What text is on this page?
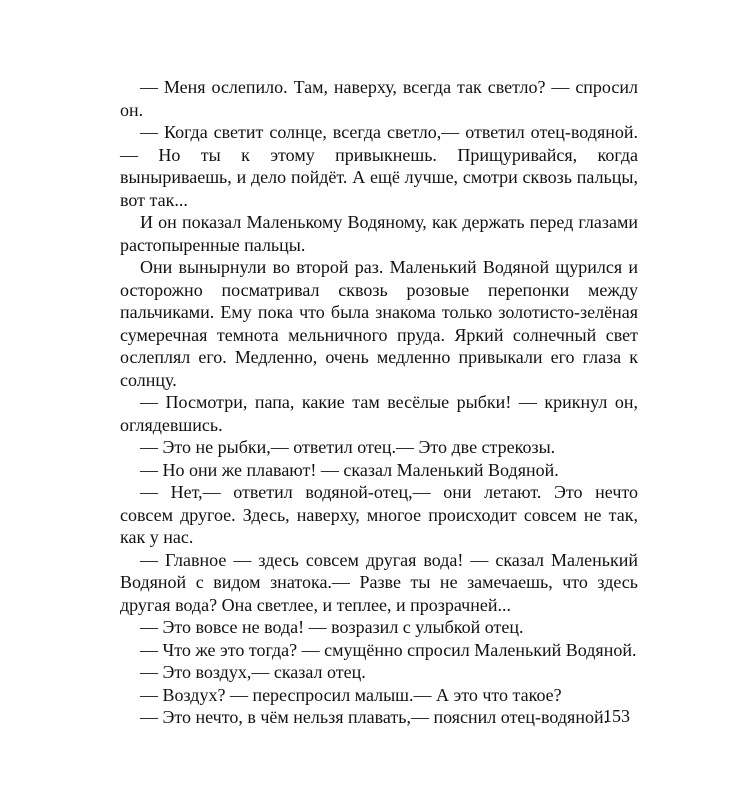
— Меня ослепило. Там, наверху, всегда так светло? — спросил он.

— Когда светит солнце, всегда светло,— ответил отец-водяной.— Но ты к этому привыкнешь. Прищуривайся, когда выныриваешь, и дело пойдёт. А ещё лучше, смотри сквозь пальцы, вот так...

И он показал Маленькому Водяному, как держать перед глазами растопыренные пальцы.

Они вынырнули во второй раз. Маленький Водяной щурился и осторожно посматривал сквозь розовые перепонки между пальчиками. Ему пока что была знакома только золотисто-зелёная сумеречная темнота мельничного пруда. Яркий солнечный свет ослеплял его. Медленно, очень медленно привыкали его глаза к солнцу.

— Посмотри, папа, какие там весёлые рыбки! — крикнул он, оглядевшись.

— Это не рыбки,— ответил отец.— Это две стрекозы.

— Но они же плавают! — сказал Маленький Водяной.

— Нет,— ответил водяной-отец,— они летают. Это нечто совсем другое. Здесь, наверху, многое происходит совсем не так, как у нас.

— Главное — здесь совсем другая вода! — сказал Маленький Водяной с видом знатока.— Разве ты не замечаешь, что здесь другая вода? Она светлее, и теплее, и прозрачней...

— Это вовсе не вода! — возразил с улыбкой отец.

— Что же это тогда? — смущённо спросил Маленький Водяной.

— Это воздух,— сказал отец.

— Воздух? — переспросил малыш.— А это что такое?

— Это нечто, в чём нельзя плавать,— пояснил отец-водяной.

153
